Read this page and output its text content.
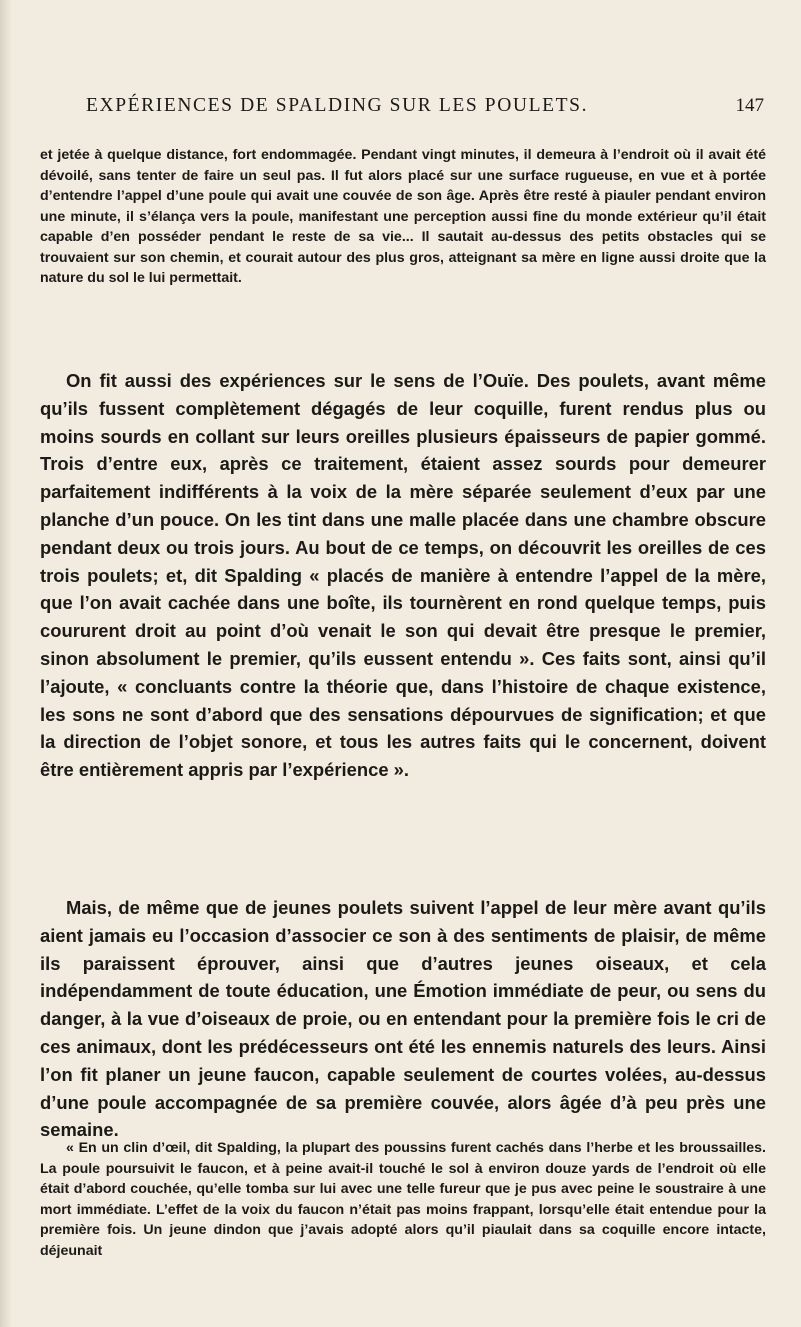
EXPÉRIENCES DE SPALDING SUR LES POULETS.	147

et jetée à quelque distance, fort endommagée. Pendant vingt minutes, il demeura à l’endroit où il avait été dévoilé, sans tenter de faire un seul pas. Il fut alors placé sur une surface rugueuse, en vue et à portée d’entendre l’appel d’une poule qui avait une couvée de son âge. Après être resté à piauler pendant environ une minute, il s’élança vers la poule, manifestant une perception aussi fine du monde extérieur qu’il était capable d’en posséder pendant le reste de sa vie... Il sautait au-dessus des petits obstacles qui se trouvaient sur son chemin, et courait autour des plus gros, atteignant sa mère en ligne aussi droite que la nature du sol le lui permettait.

On fit aussi des expériences sur le sens de l’Ouïe. Des poulets, avant même qu’ils fussent complètement dégagés de leur coquille, furent rendus plus ou moins sourds en collant sur leurs oreilles plusieurs épaisseurs de papier gommé. Trois d’entre eux, après ce traitement, étaient assez sourds pour demeurer parfaitement indifférents à la voix de la mère séparée seulement d’eux par une planche d’un pouce. On les tint dans une malle placée dans une chambre obscure pendant deux ou trois jours. Au bout de ce temps, on découvrit les oreilles de ces trois poulets; et, dit Spalding « placés de manière à entendre l’appel de la mère, que l’on avait cachée dans une boîte, ils tournèrent en rond quelque temps, puis coururent droit au point d’où venait le son qui devait être presque le premier, sinon absolument le premier, qu’ils eussent entendu ». Ces faits sont, ainsi qu’il l’ajoute, « concluants contre la théorie que, dans l’histoire de chaque existence, les sons ne sont d’abord que des sensations dépourvues de signification; et que la direction de l’objet sonore, et tous les autres faits qui le concernent, doivent être entièrement appris par l’expérience ».

Mais, de même que de jeunes poulets suivent l’appel de leur mère avant qu’ils aient jamais eu l’occasion d’associer ce son à des sentiments de plaisir, de même ils paraissent éprouver, ainsi que d’autres jeunes oiseaux, et cela indépendamment de toute éducation, une Émotion immédiate de peur, ou sens du danger, à la vue d’oiseaux de proie, ou en entendant pour la première fois le cri de ces animaux, dont les prédécesseurs ont été les ennemis naturels des leurs. Ainsi l’on fit planer un jeune faucon, capable seulement de courtes volées, au-dessus d’une poule accompagnée de sa première couvée, alors âgée d’à peu près une semaine.

« En un clin d’œil, dit Spalding, la plupart des poussins furent cachés dans l’herbe et les broussailles. La poule poursuivit le faucon, et à peine avait-il touché le sol à environ douze yards de l’endroit où elle était d’abord couchée, qu’elle tomba sur lui avec une telle fureur que je pus avec peine le soustraire à une mort immédiate. L’effet de la voix du faucon n’était pas moins frappant, lorsqu’elle était entendue pour la première fois. Un jeune dindon que j’avais adopté alors qu’il piaulait dans sa coquille encore intacte, déjeunait
